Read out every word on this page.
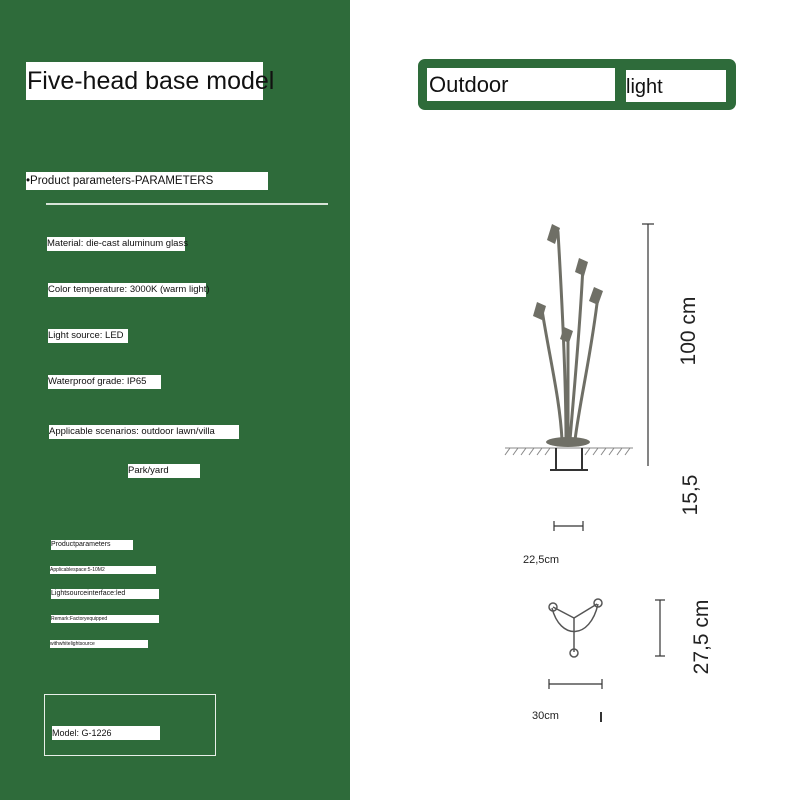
Five-head base model
•Product parameters-PARAMETERS
Material: die-cast aluminum glass
Color temperature: 3000K (warm light)
Light source: LED
Waterproof grade: IP65
Applicable scenarios: outdoor lawn/villa
Park/yard
Productparameters
Applicablespace:5-10M2
Lightsourceinterface:led
Remark:Factoryequipped
withwhitelightsource
Model: G-1226
Outdoor	light
100 cm
15,5
22,5cm
27,5 cm
30cm
